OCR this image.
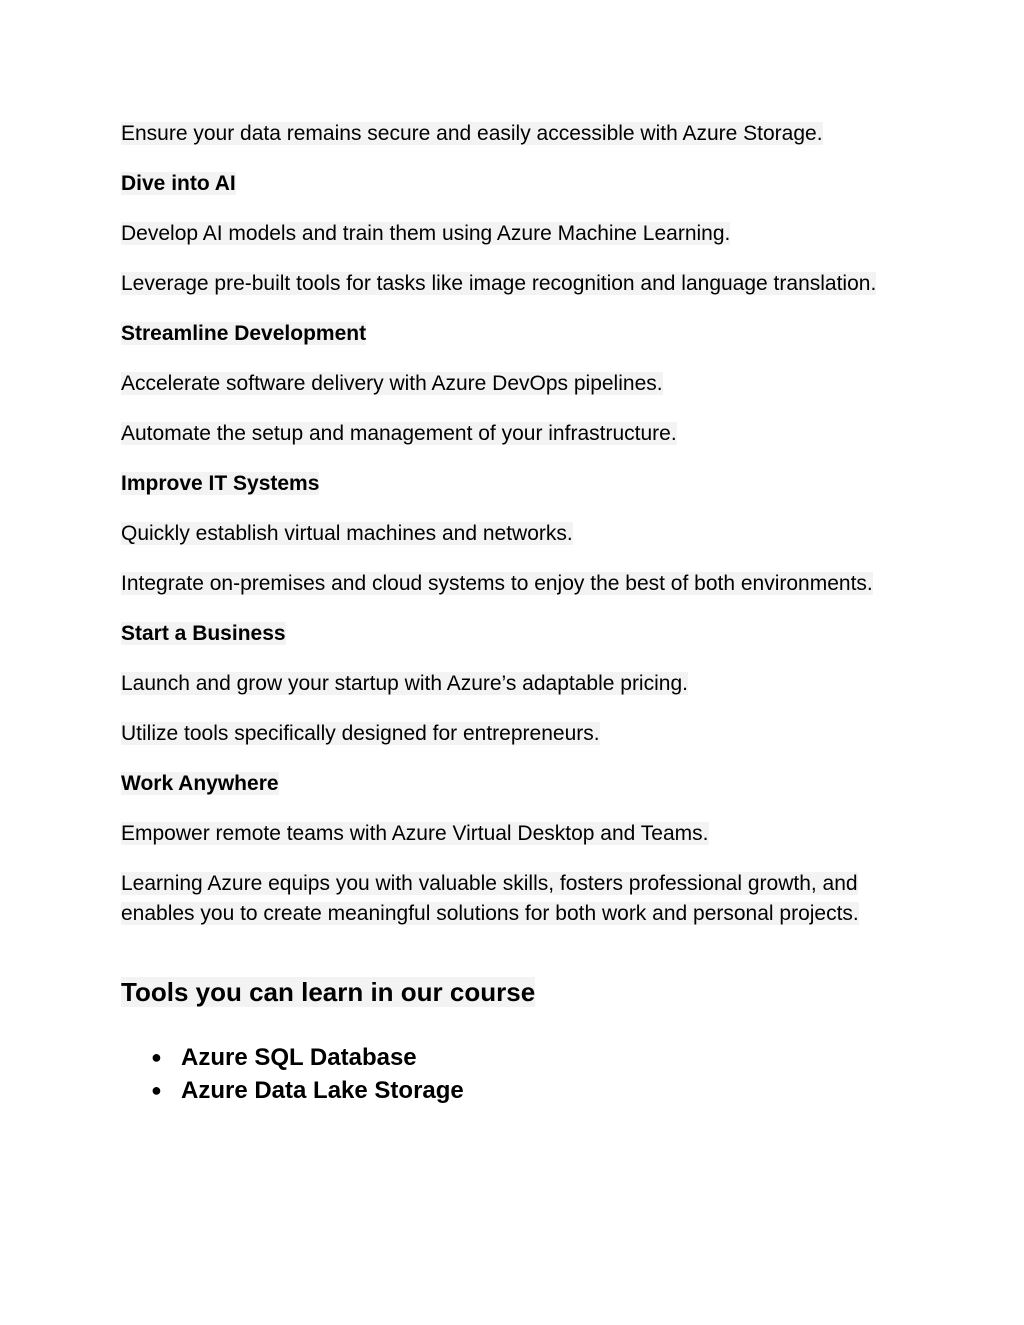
Ensure your data remains secure and easily accessible with Azure Storage.
Dive into AI
Develop AI models and train them using Azure Machine Learning.
Leverage pre-built tools for tasks like image recognition and language translation.
Streamline Development
Accelerate software delivery with Azure DevOps pipelines.
Automate the setup and management of your infrastructure.
Improve IT Systems
Quickly establish virtual machines and networks.
Integrate on-premises and cloud systems to enjoy the best of both environments.
Start a Business
Launch and grow your startup with Azure’s adaptable pricing.
Utilize tools specifically designed for entrepreneurs.
Work Anywhere
Empower remote teams with Azure Virtual Desktop and Teams.
Learning Azure equips you with valuable skills, fosters professional growth, and enables you to create meaningful solutions for both work and personal projects.
Tools you can learn in our course
● Azure SQL Database
● Azure Data Lake Storage
